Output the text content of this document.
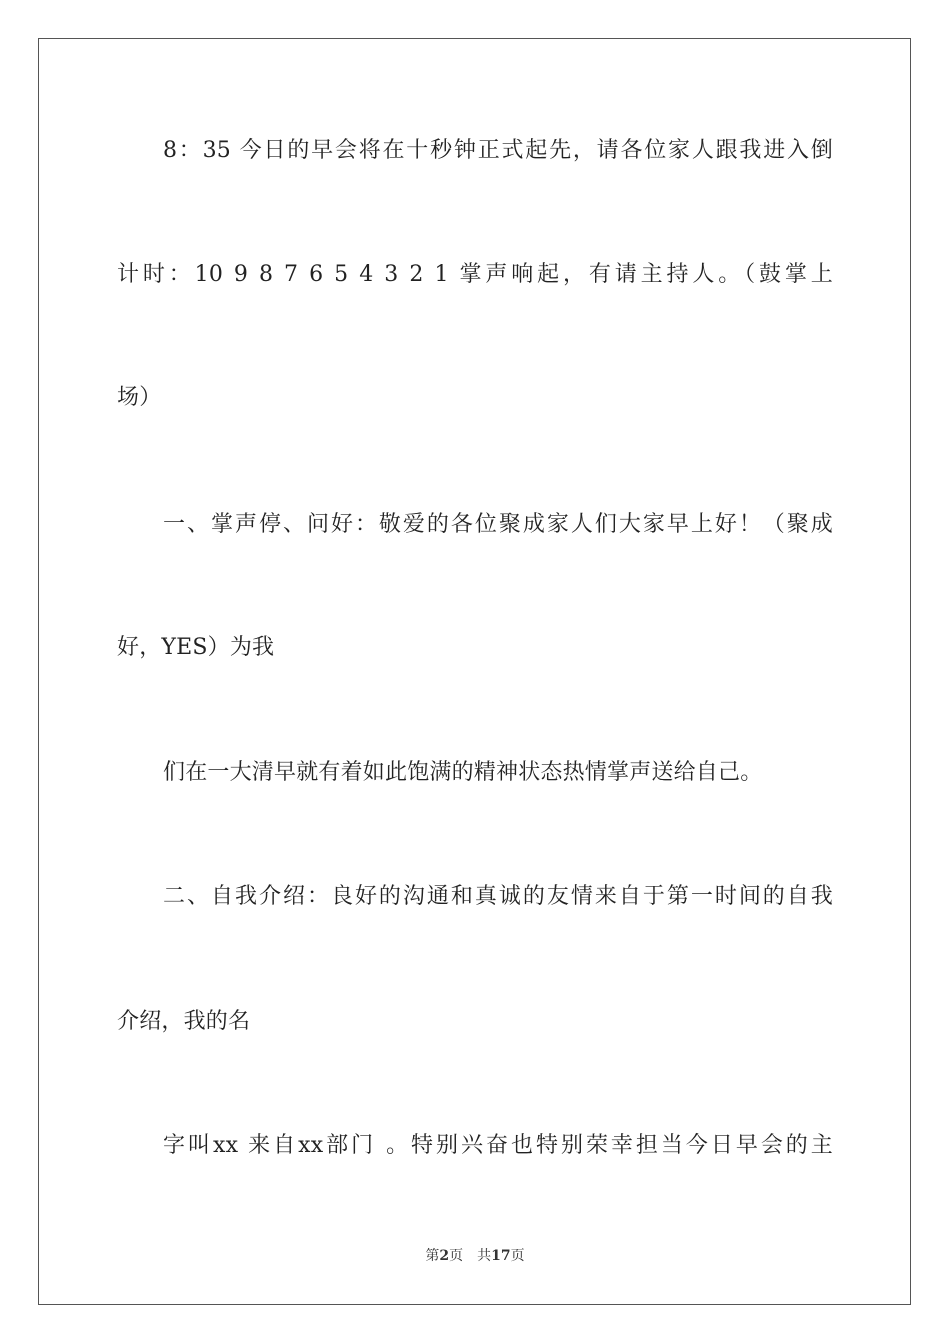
8：35 今日的早会将在十秒钟正式起先，请各位家人跟我进入倒
计时：10 9 8 7 6 5 4 3 2 1 掌声响起，有请主持人。（鼓掌上
场）
一、掌声停、问好：敬爱的各位聚成家人们大家早上好！（聚成
好，YES）为我
们在一大清早就有着如此饱满的精神状态热情掌声送给自己。
二、自我介绍：良好的沟通和真诚的友情来自于第一时间的自我
介绍，我的名
字叫xx 来自xx部门 。特别兴奋也特别荣幸担当今日早会的主
第2页 共17页
